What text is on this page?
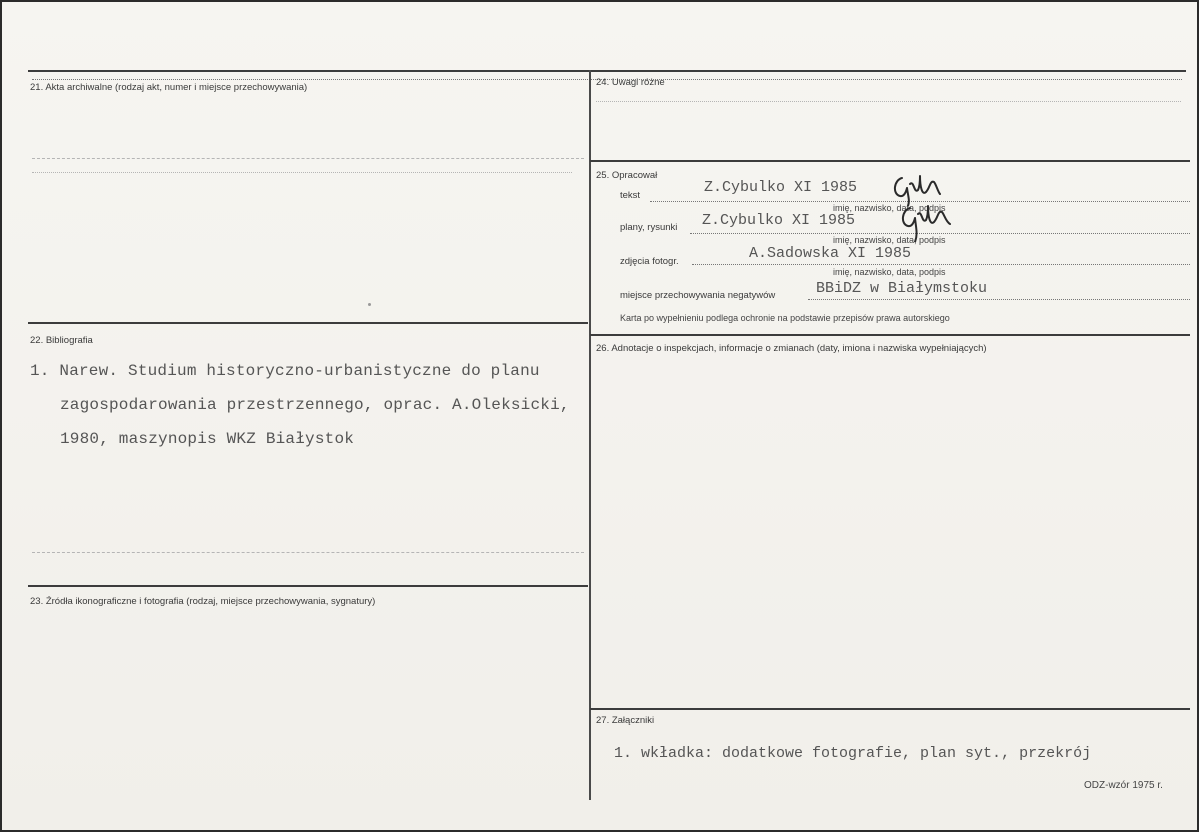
21. Akta archiwalne (rodzaj akt, numer i miejsce przechowywania)
22. Bibliografia
1. Narew. Studium historyczno-urbanistyczne do planu
zagospodarowania przestrzennego, oprac. A.Oleksicki,
1980, maszynopis WKZ Białystok
23. Źródła ikonograficzne i fotografia (rodzaj, miejsce przechowywania, sygnatury)
24. Uwagi różne
25. Opracował
tekst	Z.Cybulko XI 1985
imię, nazwisko, data, podpis
plany, rysunki Z.Cybulko XI 1985
imię, nazwisko, data, podpis
zdjęcia fotogr.	A.Sadowska XI 1985
imię, nazwisko, data, podpis
miejsce przechowywania negatywów	BBiDZ w Białymstoku
Karta po wypełnieniu podlega ochronie na podstawie przepisów prawa autorskiego
26. Adnotacje o inspekcjach, informacje o zmianach (daty, imiona i nazwiska wypełniających)
27. Załączniki
1. wkładka: dodatkowe fotografie, plan syt., przekrój
ODZ-wzór 1975 r.
